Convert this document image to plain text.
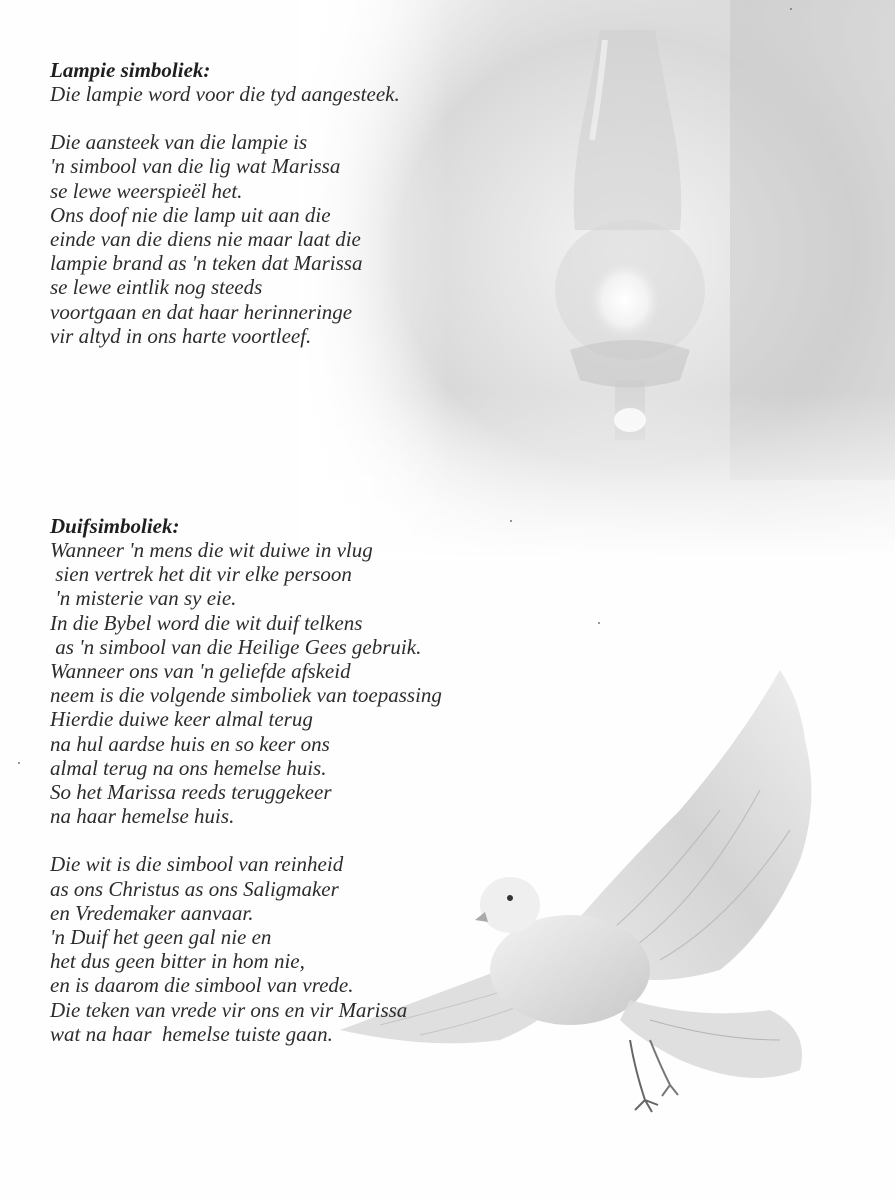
Lampie simboliek:

Die lampie word voor die tyd aangesteek.

Die aansteek van die lampie is

'n simbool van die lig wat Marissa

se lewe weerspieël het.

Ons doof nie die lamp uit aan die

einde van die diens nie maar laat die

lampie brand as 'n teken dat Marissa

se lewe eintlik nog steeds

voortgaan en dat haar herinneringe

vir altyd in ons harte voortleef.

Duifsimboliek:

Wanneer 'n mens die wit duiwe in vlug

sien vertrek het dit vir elke persoon

'n misterie van sy eie.

In die Bybel word die wit duif telkens

as 'n simbool van die Heilige Gees gebruik.

Wanneer ons van 'n geliefde afskeid

neem is die volgende simboliek van toepassing

Hierdie duiwe keer almal terug

na hul aardse huis en so keer ons

almal terug na ons hemelse huis.

So het Marissa reeds teruggekeer

na haar hemelse huis.

Die wit is die simbool van reinheid

as ons Christus as ons Saligmaker

en Vredemaker aanvaar.

'n Duif het geen gal nie en

het dus geen bitter in hom nie,

en is daarom die simbool van vrede.

Die teken van vrede vir ons en vir Marissa

wat na haar  hemelse tuiste gaan.
